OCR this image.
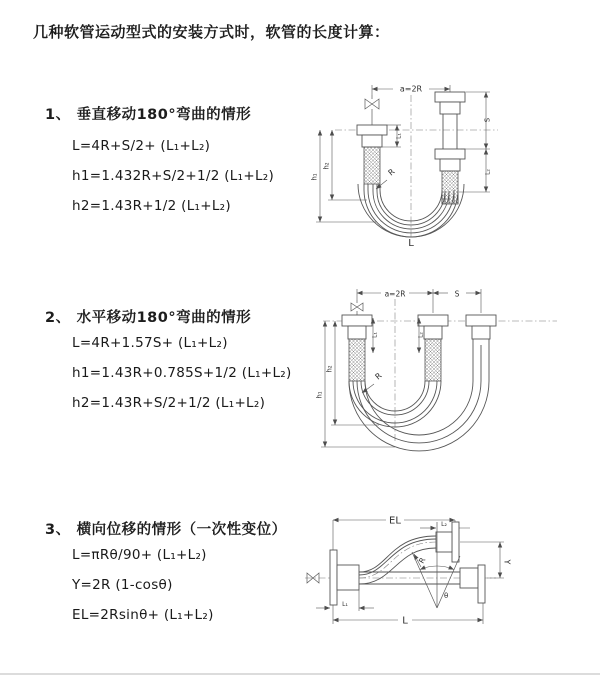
几种软管运动型式的安装方式时，软管的长度计算：
1、 垂直移动180°弯曲的情形
L=4R+S/2+ (L₁+L₂)
h1=1.432R+S/2+1/2 (L₁+L₂)
h2=1.43R+1/2 (L₁+L₂)
2、 水平移动180°弯曲的情形
L=4R+1.57S+ (L₁+L₂)
h1=1.43R+0.785S+1/2 (L₁+L₂)
h2=1.43R+S/2+1/2 (L₁+L₂)
3、 横向位移的情形（一次性变位）
L=πRθ/90+ (L₁+L₂)
Y=2R (1-cosθ)
EL=2Rsinθ+ (L₁+L₂)
a=2R
h₁
h₂
L₁
S
L₂
R
L
a=2R	S
h₁
h₂
L₁	L₂
R
EL	L₂
Y
θ
R
L₁
L
